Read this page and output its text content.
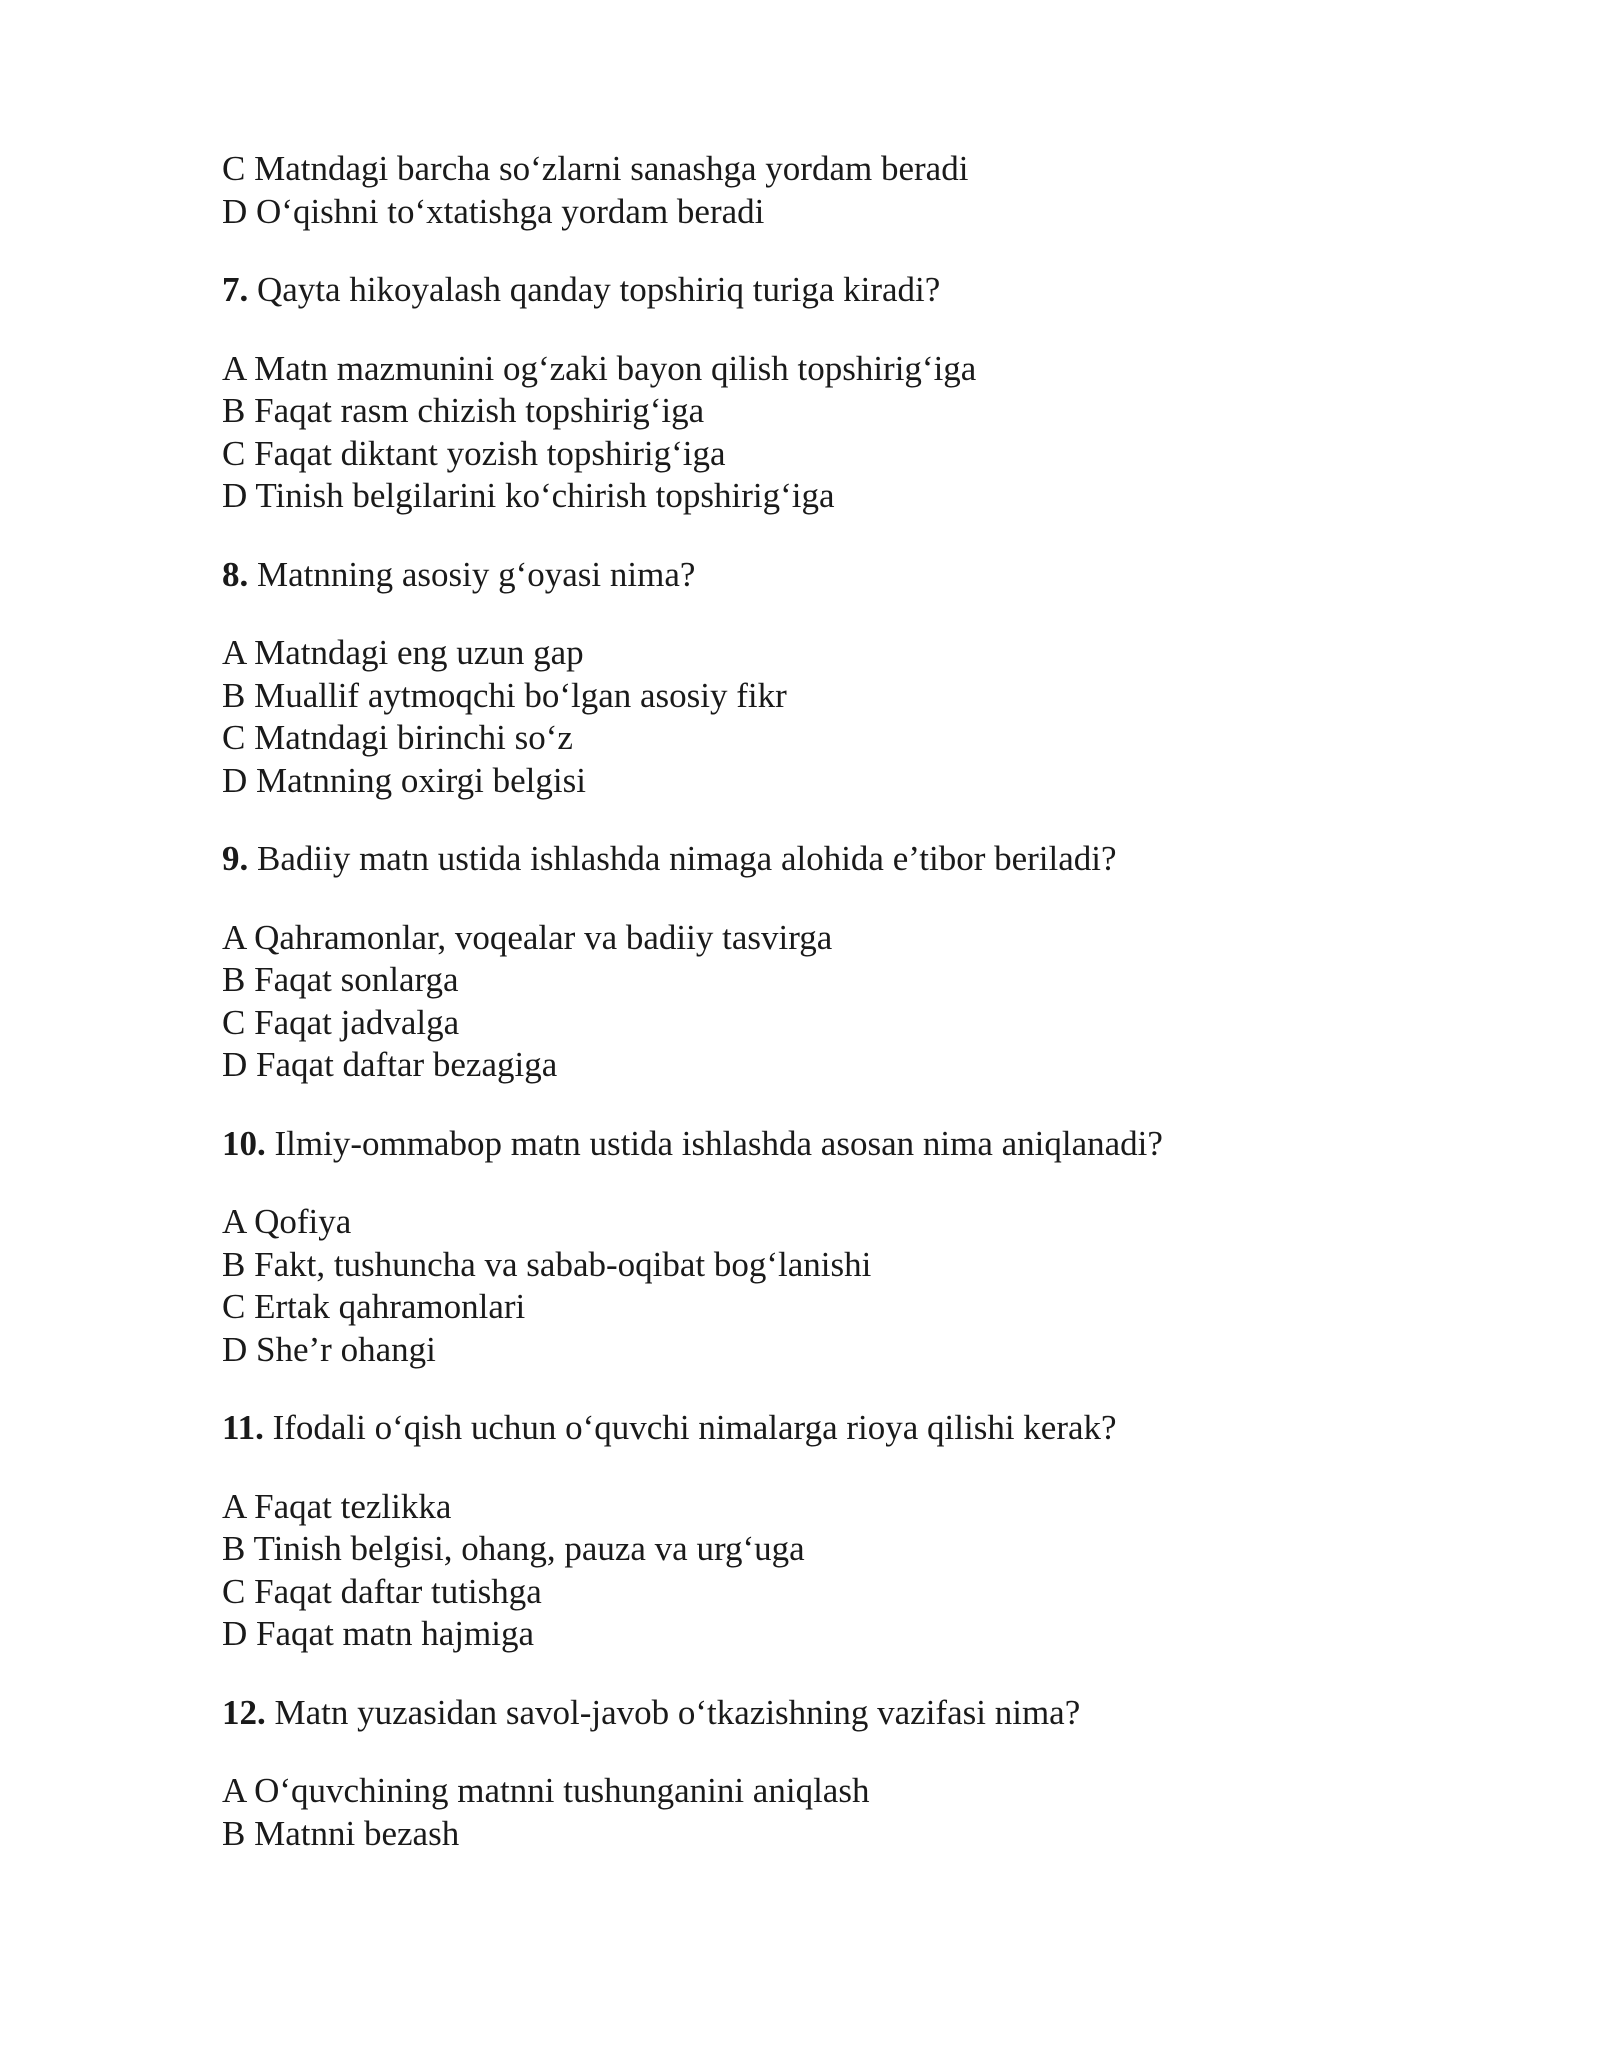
C Matndagi barcha so‘zlarni sanashga yordam beradi
D O‘qishni to‘xtatishga yordam beradi
7. Qayta hikoyalash qanday topshiriq turiga kiradi?
A Matn mazmunini og‘zaki bayon qilish topshirig‘iga
B Faqat rasm chizish topshirig‘iga
C Faqat diktant yozish topshirig‘iga
D Tinish belgilarini ko‘chirish topshirig‘iga
8. Matnning asosiy g‘oyasi nima?
A Matndagi eng uzun gap
B Muallif aytmoqchi bo‘lgan asosiy fikr
C Matndagi birinchi so‘z
D Matnning oxirgi belgisi
9. Badiiy matn ustida ishlashda nimaga alohida e’tibor beriladi?
A Qahramonlar, voqealar va badiiy tasvirga
B Faqat sonlarga
C Faqat jadvalga
D Faqat daftar bezagiga
10. Ilmiy-ommabop matn ustida ishlashda asosan nima aniqlanadi?
A Qofiya
B Fakt, tushuncha va sabab-oqibat bog‘lanishi
C Ertak qahramonlari
D She’r ohangi
11. Ifodali o‘qish uchun o‘quvchi nimalarga rioya qilishi kerak?
A Faqat tezlikka
B Tinish belgisi, ohang, pauza va urg‘uga
C Faqat daftar tutishga
D Faqat matn hajmiga
12. Matn yuzasidan savol-javob o‘tkazishning vazifasi nima?
A O‘quvchining matnni tushunganini aniqlash
B Matnni bezash
